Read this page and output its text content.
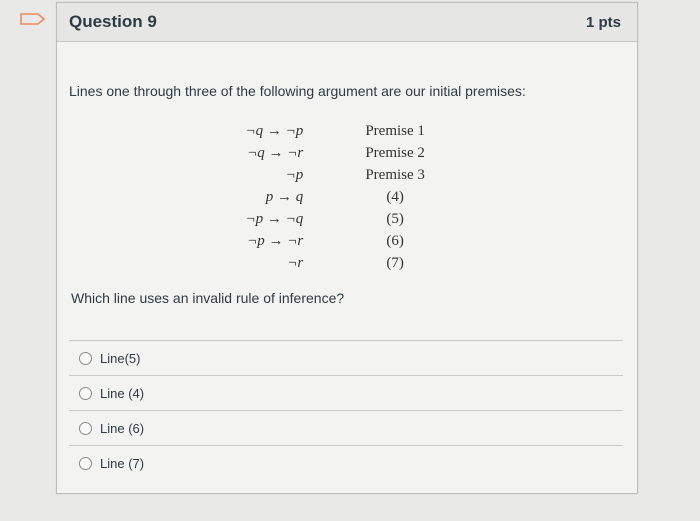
Question 9	1 pts
Lines one through three of the following argument are our initial premises:
¬q → ¬p	Premise 1
¬q → ¬r	Premise 2
¬p	Premise 3
p → q	(4)
¬p → ¬q	(5)
¬p → ¬r	(6)
¬r	(7)
Which line uses an invalid rule of inference?
Line(5)
Line (4)
Line (6)
Line (7)
